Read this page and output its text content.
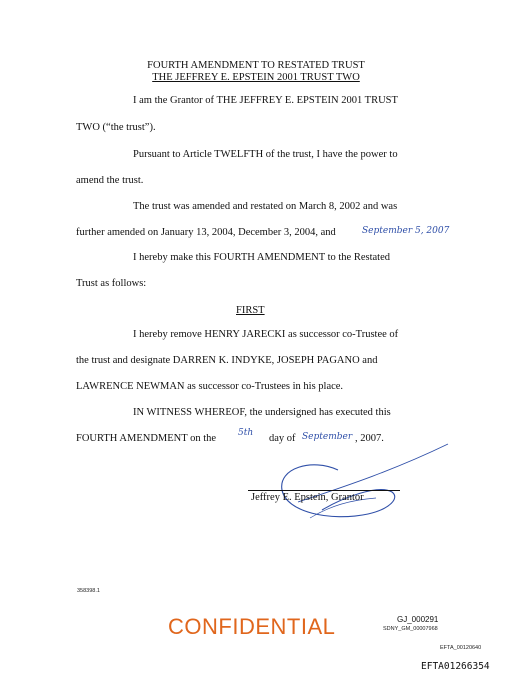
FOURTH AMENDMENT TO RESTATED TRUST
THE JEFFREY E. EPSTEIN 2001 TRUST TWO
I am the Grantor of THE JEFFREY E. EPSTEIN 2001 TRUST
TWO (“the trust”).
Pursuant to Article TWELFTH of the trust, I have the power to
amend the trust.
The trust was amended and restated on March 8, 2002 and was
further amended on January 13, 2004, December 3, 2004, and	September 5, 2007
I hereby make this FOURTH AMENDMENT to the Restated
Trust as follows:
FIRST
I hereby remove HENRY JARECKI as successor co-Trustee of
the trust and designate DARREN K. INDYKE, JOSEPH PAGANO and
LAWRENCE NEWMAN as successor co-Trustees in his place.
IN WITNESS WHEREOF, the undersigned has executed this
FOURTH AMENDMENT on the 5th day of September , 2007.
Jeffrey E. Epstein, Grantor
358398.1
CONFIDENTIAL	GJ_000291
SDNY_GM_00007968
EFTA_00120640
EFTA01266354
